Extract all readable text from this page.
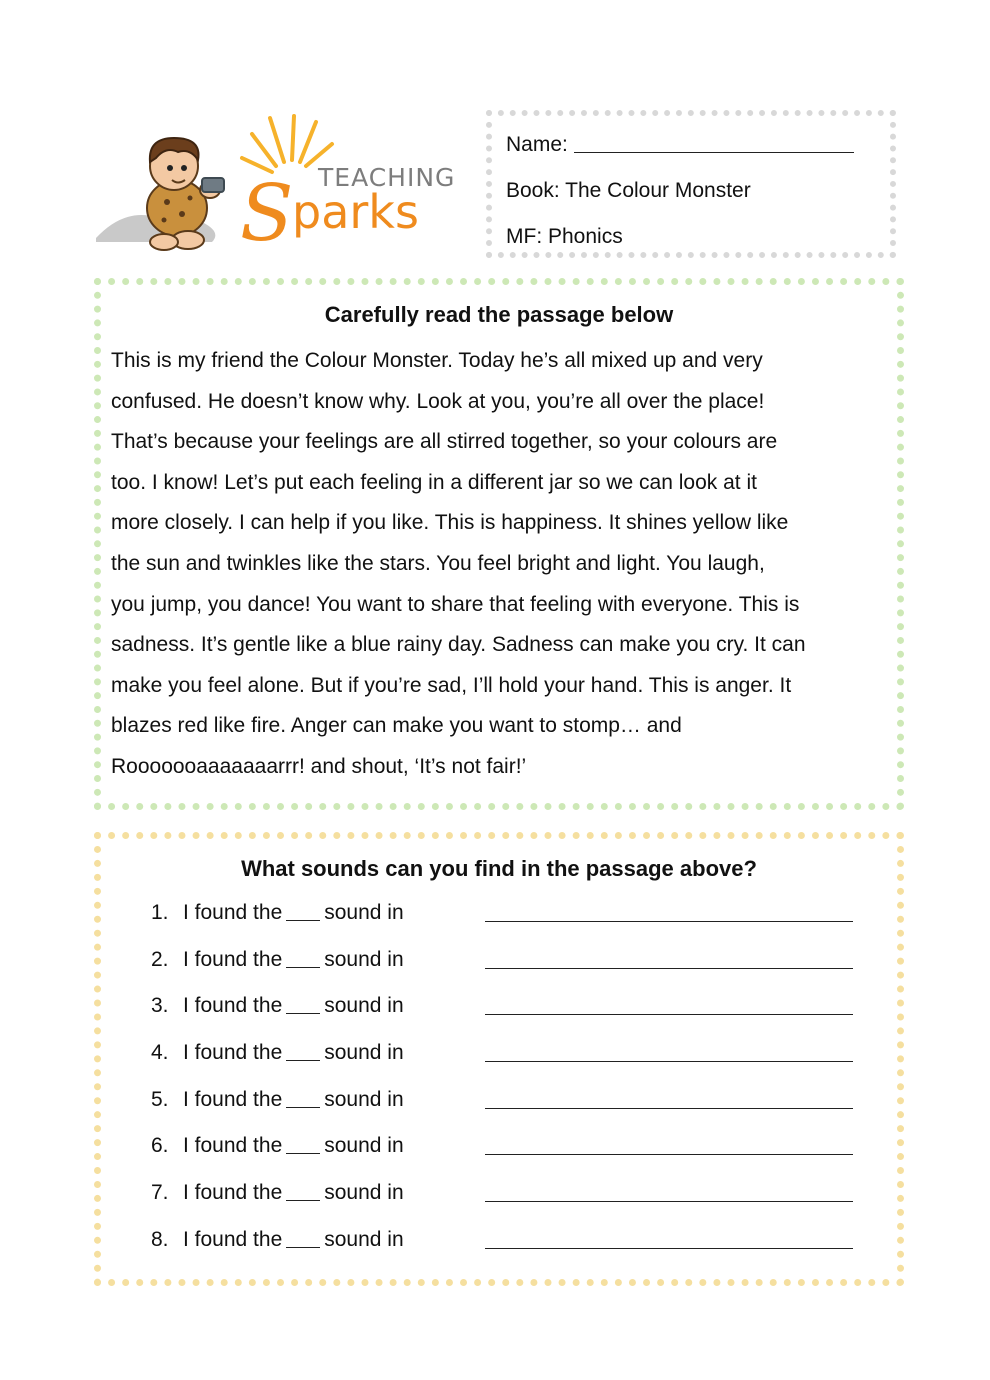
TEACHING
S
parks
Name:
Book: The Colour Monster
MF: Phonics
Carefully read the passage below
This is my friend the Colour Monster. Today he’s all mixed up and very
confused. He doesn’t know why. Look at you, you’re all over the place!
That’s because your feelings are all stirred together, so your colours are
too. I know! Let’s put each feeling in a different jar so we can look at it
more closely. I can help if you like. This is happiness. It shines yellow like
the sun and twinkles like the stars. You feel bright and light. You laugh,
you jump, you dance! You want to share that feeling with everyone. This is
sadness. It’s gentle like a blue rainy day. Sadness can make you cry. It can
make you feel alone. But if you’re sad, I’ll hold your hand. This is anger. It
blazes red like fire. Anger can make you want to stomp… and
Rooooooaaaaaaarrr! and shout, ‘It’s not fair!’
What sounds can you find in the passage above?
1. I found the sound in
2. I found the sound in
3. I found the sound in
4. I found the sound in
5. I found the sound in
6. I found the sound in
7. I found the sound in
8. I found the sound in
